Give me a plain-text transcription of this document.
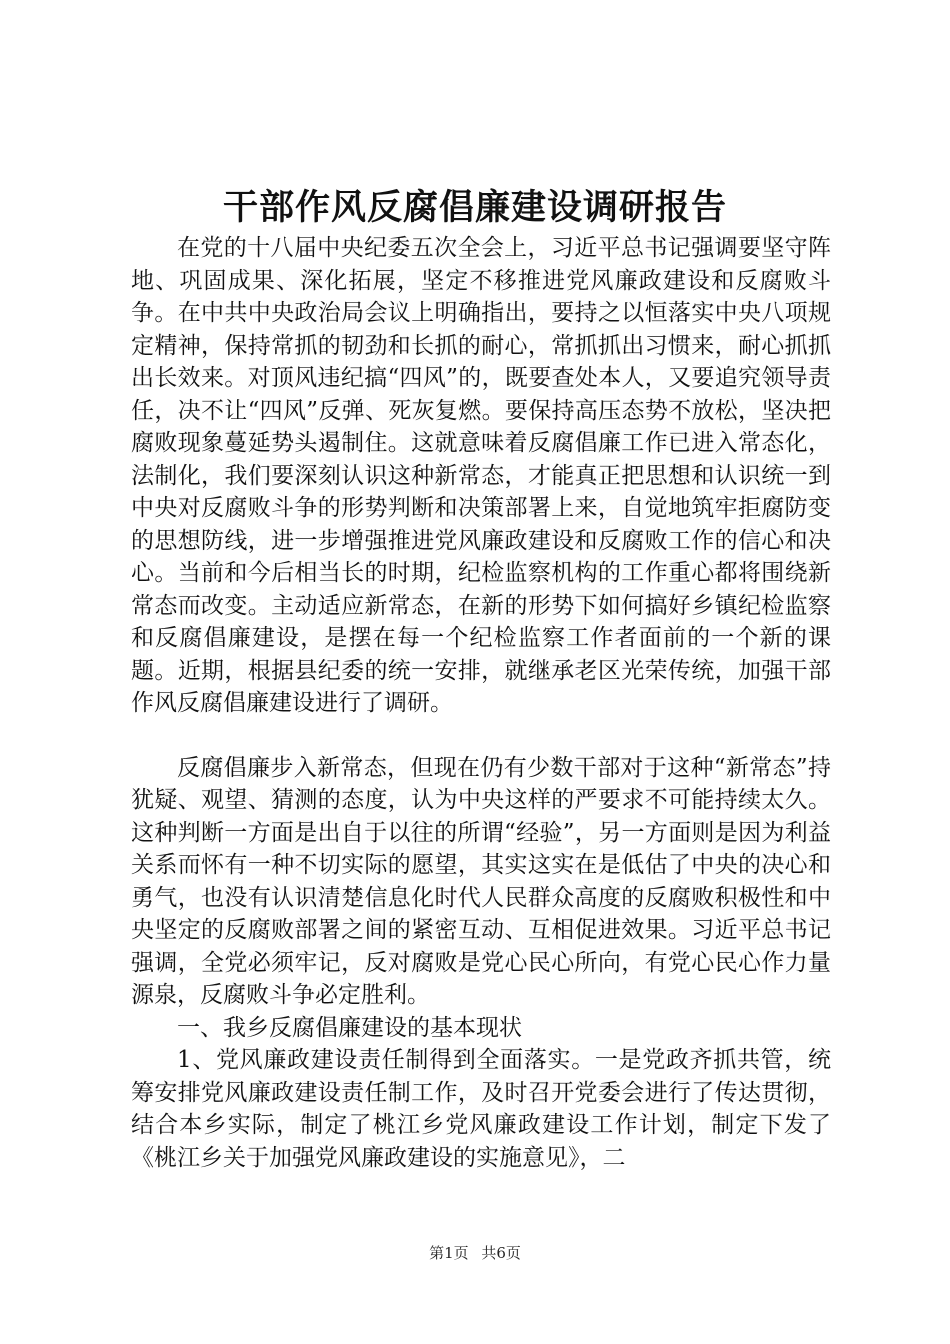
干部作风反腐倡廉建设调研报告

在党的十八届中央纪委五次全会上，习近平总书记强调要坚守阵地、巩固成果、深化拓展，坚定不移推进党风廉政建设和反腐败斗争。在中共中央政治局会议上明确指出，要持之以恒落实中央八项规定精神，保持常抓的韧劲和长抓的耐心，常抓抓出习惯来，耐心抓抓出长效来。对顶风违纪搞“四风”的，既要查处本人，又要追究领导责任，决不让“四风”反弹、死灰复燃。要保持高压态势不放松，坚决把腐败现象蔓延势头遏制住。这就意味着反腐倡廉工作已进入常态化，法制化，我们要深刻认识这种新常态，才能真正把思想和认识统一到中央对反腐败斗争的形势判断和决策部署上来，自觉地筑牢拒腐防变的思想防线，进一步增强推进党风廉政建设和反腐败工作的信心和决心。当前和今后相当长的时期，纪检监察机构的工作重心都将围绕新常态而改变。主动适应新常态，在新的形势下如何搞好乡镇纪检监察和反腐倡廉建设，是摆在每一个纪检监察工作者面前的一个新的课题。近期，根据县纪委的统一安排，就继承老区光荣传统，加强干部作风反腐倡廉建设进行了调研。

反腐倡廉步入新常态，但现在仍有少数干部对于这种“新常态”持犹疑、观望、猜测的态度，认为中央这样的严要求不可能持续太久。这种判断一方面是出自于以往的所谓“经验”，另一方面则是因为利益关系而怀有一种不切实际的愿望，其实这实在是低估了中央的决心和勇气，也没有认识清楚信息化时代人民群众高度的反腐败积极性和中央坚定的反腐败部署之间的紧密互动、互相促进效果。习近平总书记强调，全党必须牢记，反对腐败是党心民心所向，有党心民心作力量源泉，反腐败斗争必定胜利。

一、我乡反腐倡廉建设的基本现状

1、党风廉政建设责任制得到全面落实。一是党政齐抓共管，统筹安排党风廉政建设责任制工作，及时召开党委会进行了传达贯彻，结合本乡实际，制定了桃江乡党风廉政建设工作计划，制定下发了《桃江乡关于加强党风廉政建设的实施意见》，二

第1页 共6页
